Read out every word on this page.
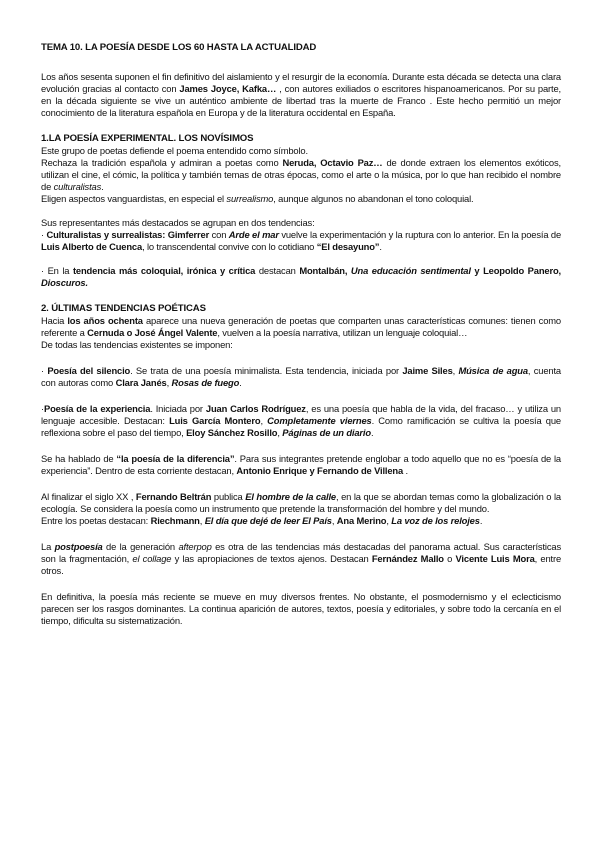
TEMA 10. LA POESÍA DESDE LOS 60 HASTA LA ACTUALIDAD

Los años sesenta suponen el fin definitivo del aislamiento y el resurgir de la economía. Durante esta década se detecta una clara evolución gracias al contacto con James Joyce, Kafka… , con autores exiliados o escritores hispanoamericanos. Por su parte, en la década siguiente se vive un auténtico ambiente de libertad tras la muerte de Franco . Este hecho permitió un mejor conocimiento de la literatura española en Europa y de la literatura occidental en España.

1.LA POESÍA EXPERIMENTAL. LOS NOVÍSIMOS

Este grupo de poetas defiende el poema entendido como símbolo.

Rechaza la tradición española y admiran a poetas como Neruda, Octavio Paz… de donde extraen los elementos exóticos, utilizan el cine, el cómic, la política y también temas de otras épocas, como el arte o la música, por lo que han recibido el nombre de culturalistas.

Eligen aspectos vanguardistas, en especial el surrealismo, aunque algunos no abandonan el tono coloquial.

Sus representantes más destacados se agrupan en dos tendencias:

· Culturalistas y surrealistas: Gimferrer con Arde el mar vuelve la experimentación y la ruptura con lo anterior. En la poesía de Luis Alberto de Cuenca, lo transcendental convive con lo cotidiano “El desayuno”.

· En la tendencia más coloquial, irónica y crítica destacan Montalbán, Una educación sentimental y Leopoldo Panero, Dioscuros.

2. ÚLTIMAS TENDENCIAS POÉTICAS

Hacia los años ochenta aparece una nueva generación de poetas que comparten unas características comunes: tienen como referente a Cernuda o José Ángel Valente, vuelven a la poesía narrativa, utilizan un lenguaje coloquial…

De todas las tendencias existentes se imponen:

· Poesía del silencio. Se trata de una poesía minimalista. Esta tendencia, iniciada por Jaime Siles, Música de agua, cuenta con autoras como Clara Janés, Rosas de fuego.

·Poesía de la experiencia. Iniciada por Juan Carlos Rodríguez, es una poesía que habla de la vida, del fracaso… y utiliza un lenguaje accesible. Destacan: Luis García Montero, Completamente viernes. Como ramificación se cultiva la poesía que reflexiona sobre el paso del tiempo, Eloy Sánchez Rosillo, Páginas de un diario.

Se ha hablado de “la poesía de la diferencia”. Para sus integrantes pretende englobar a todo aquello que no es “poesía de la experiencia”. Dentro de esta corriente destacan, Antonio Enrique y Fernando de Villena .

Al finalizar el siglo XX , Fernando Beltrán publica El hombre de la calle, en la que se abordan temas como la globalización o la ecología. Se considera la poesía como un instrumento que pretende la transformación del hombre y del mundo.

Entre los poetas destacan: Riechmann, El día que dejé de leer El País, Ana Merino, La voz de los relojes.

La postpoesía de la generación afterpop es otra de las tendencias más destacadas del panorama actual. Sus características son la fragmentación, el collage y las apropiaciones de textos ajenos. Destacan Fernández Mallo o Vicente Luis Mora, entre otros.

En definitiva, la poesía más reciente se mueve en muy diversos frentes. No obstante, el posmodernismo y el eclecticismo parecen ser los rasgos dominantes. La continua aparición de autores, textos, poesía y editoriales, y sobre todo la cercanía en el tiempo, dificulta su sistematización.
